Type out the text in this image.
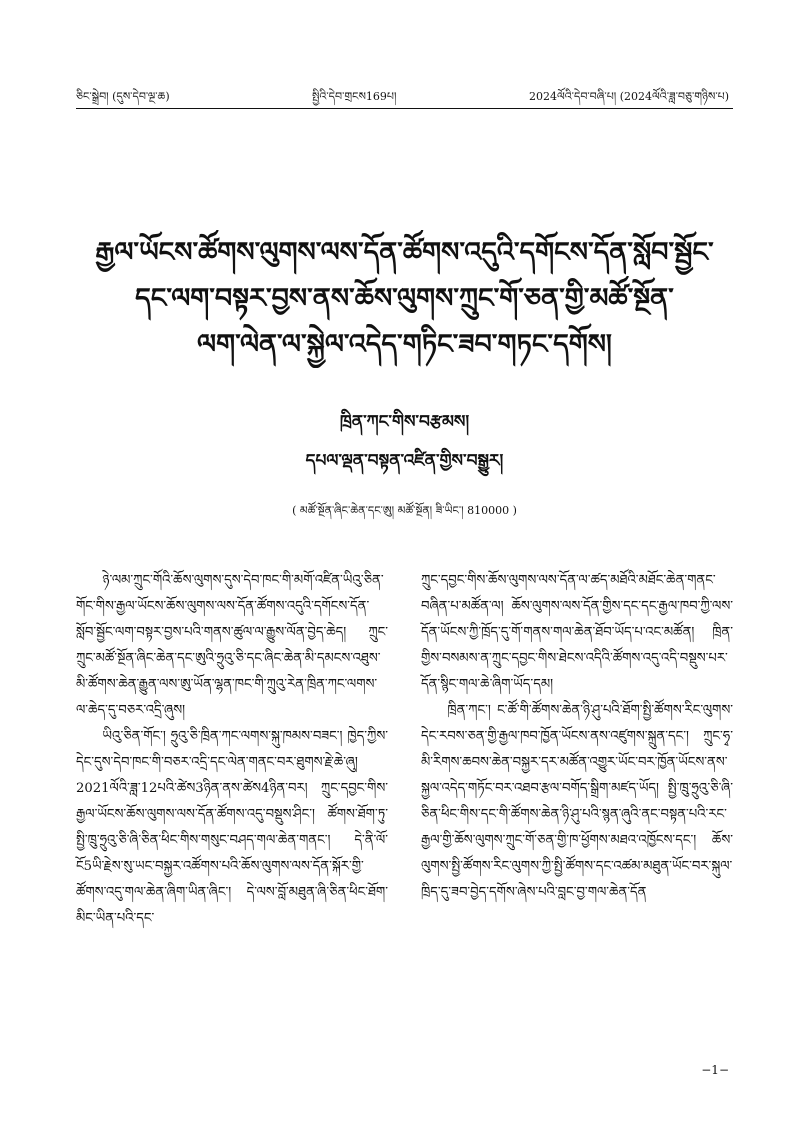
ཅིང་སྒྲེབ། (དུས་དེབ་ལྔ་ཆ)	སྤྱིའི་དེབ་གྲངས169པ།	2024ལོའི་དེབ་བཞི་པ། (2024ལོའི་ཟླ་བཅུ་གཉིས་པ)
རྒྱལ་ཡོངས་ཚོགས་ལུགས་ལས་དོན་ཚོགས་འདུའི་དགོངས་དོན་སློབ་སྦྱོང་
དང་ལག་བསྟར་བྱས་ནས་ཆོས་ལུགས་ཀྲུང་གོ་ཅན་གྱི་མཚོ་སྔོན་
ལག་ལེན་ལ་སྐྱེལ་འདེད་གཏིང་ཟབ་གཏང་དགོས།
ཁྲིན་ཀང་གིས་བརྩམས།
དཔལ་ལྡན་བསྟན་འཛིན་གྱིས་བསྒྱུར།
( མཚོ་སྔོན་ཞིང་ཆེན་དང་ཨུ། མཚོ་སྔོན། ཟི་ཡིང་། 810000 )

ཉེ་ལམ་ཀྲུང་གོའི་ཆོས་ལུགས་དུས་དེབ་ཁང་གི་མགོ་འཛིན་ཡིའུ་ཅིན་གོང་གིས་རྒྱལ་ཡོངས་ཆོས་ལུགས་ལས་དོན་ཚོགས་འདུའི་དགོངས་དོན་སློབ་སྦྱོང་ལག་བསྟར་བྱས་པའི་གནས་ཚུལ་ལ་རྒྱུས་ལོན་བྱེད་ཆེད། ཀྲུང་ཀྲུང་མཚོ་སྔོན་ཞིང་ཆེན་དང་ཨུའི་ཧྲུའུ་ཅི་དང་ཞིང་ཆེན་མི་དམངས་འཐུས་མི་ཚོགས་ཆེན་རྒྱུན་ལས་ཨུ་ཡོན་ལྷན་ཁང་གི་ཀྲུའུ་རེན་ཁྲིན་ཀང་ལགས་ལ་ཆེད་དུ་བཅར་འདྲི་ཞུས།

ཡིའུ་ཅིན་གོང་། ཧྲུའུ་ཅི་ཁྲིན་ཀང་ལགས་སྐུ་ཁམས་བཟང་། ཁྱེད་ཀྱིས་དེང་དུས་དེབ་ཁང་གི་བཅར་འདྲི་དང་ལེན་གནང་བར་ཐུགས་རྗེ་ཆེ་ཞུ། 2021ལོའི་ཟླ་12པའི་ཚེས3ཉིན་ནས་ཚེས4ཉིན་བར། ཀྲུང་དབྱང་གིས་རྒྱལ་ཡོངས་ཆོས་ལུགས་ལས་དོན་ཚོགས་འདུ་བསྡུས་ཤིང་། ཚོགས་ཐོག་ཏུ་སྤྱི་ཁྲུ་ཧྲུའུ་ཅི་ཞི་ཅིན་ཕིང་གིས་གསུང་བཤད་གལ་ཆེན་གནང་། དེ་ནི་ལོ་ངོ5ཡི་རྗེས་སུ་ཡང་བསྐྱར་འཚོགས་པའི་ཆོས་ལུགས་ལས་དོན་སྐོར་གྱི་ཚོགས་འདུ་གལ་ཆེན་ཞིག་ཡིན་ཞིང་། དེ་ལས་བློ་མཐུན་ཞི་ཅིན་ཕིང་ཐོག་མིང་ཡིན་པའི་དང་

ཀྲུང་དབྱང་གིས་ཆོས་ལུགས་ལས་དོན་ལ་ཚད་མཐོའི་མཐོང་ཆེན་གནང་བཞིན་པ་མཚོན་ལ། ཆོས་ལུགས་ལས་དོན་གྱིས་དང་དང་རྒྱལ་ཁབ་ཀྱི་ལས་དོན་ཡོངས་ཀྱི་ཁྲོད་དུ་གོ་གནས་གལ་ཆེན་ཐོབ་ཡོད་པ་འང་མཚོན། ཁྲིན་གྱིས་བསམས་ན་ཀྲུང་དབྱང་གིས་ཐེངས་འདིའི་ཚོགས་འདུ་འདི་བསྡུས་པར་དོན་སྙིང་གལ་ཆེ་ཞིག་ཡོད་དམ།

ཁྲིན་ཀང་། ང་ཚོ་གི་ཚོགས་ཆེན་ཉི་ཤུ་པའི་ཐོག་སྤྱི་ཚོགས་རིང་ལུགས་དེང་རབས་ཅན་གྱི་རྒྱལ་ཁབ་ཁྱོན་ཡོངས་ནས་འཛུགས་སྐྲུན་དང་། ཀྲུང་ཧྭ་མི་རིགས་ཆབས་ཆེན་བསྐྱར་དར་མཚོན་འགྱུར་ཡོང་བར་ཁྱོན་ཡོངས་ནས་སྐྱལ་འདེད་གཏོང་བར་འཐབ་རྩལ་བགོད་སྒྲིག་མཛད་ཡོད། སྤྱི་ཁྲུ་ཧྲུའུ་ཅི་ཞི་ཅིན་ཕིང་གིས་དང་གི་ཚོགས་ཆེན་ཉི་ཤུ་པའི་སྙན་ཞུའི་ནང་བསྟན་པའི་རང་རྒྱལ་གྱི་ཆོས་ལུགས་ཀྲུང་གོ་ཅན་གྱི་ཁ་ཕྱོགས་མཐའ་འཁྱོངས་དང་། ཆོས་ལུགས་སྤྱི་ཚོགས་རིང་ལུགས་ཀྱི་སྤྱི་ཚོགས་དང་འཚམ་མཐུན་ཡོང་བར་སྐུལ་ཁྲིད་དུ་ཟབ་བྱེད་དགོས་ཞེས་པའི་བླང་བྱ་གལ་ཆེན་དོན

−1−
